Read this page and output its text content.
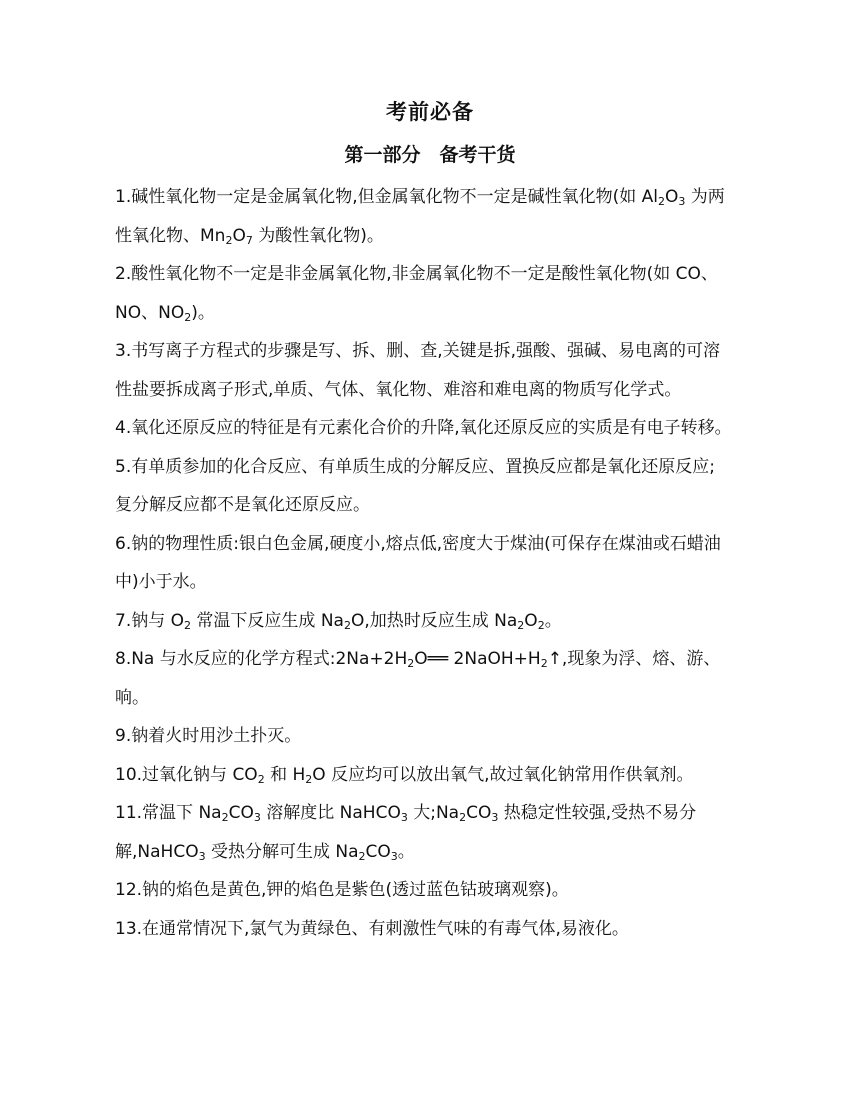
考前必备
第一部分　备考干货
1.碱性氧化物一定是金属氧化物,但金属氧化物不一定是碱性氧化物(如 $Al_2O_3$ 为两
性氧化物、$Mn_2O_7$ 为酸性氧化物)。
2.酸性氧化物不一定是非金属氧化物,非金属氧化物不一定是酸性氧化物(如 CO、
NO、$NO_2$)。
3.书写离子方程式的步骤是写、拆、删、查,关键是拆,强酸、强碱、易电离的可溶
性盐要拆成离子形式,单质、气体、氧化物、难溶和难电离的物质写化学式。
4.氧化还原反应的特征是有元素化合价的升降,氧化还原反应的实质是有电子转移。
5.有单质参加的化合反应、有单质生成的分解反应、置换反应都是氧化还原反应;
复分解反应都不是氧化还原反应。
6.钠的物理性质:银白色金属,硬度小,熔点低,密度大于煤油(可保存在煤油或石蜡油
中)小于水。
7.钠与 $O_2$ 常温下反应生成 $Na_2O$,加热时反应生成 $Na_2O_2$。
8.Na 与水反应的化学方程式$:2Na+2H_2O══$ $2NaOH+H_2↑$,现象为浮、熔、游、
响。
9.钠着火时用沙土扑灭。
10.过氧化钠与 $CO_2$ 和 $H_2O$ 反应均可以放出氧气,故过氧化钠常用作供氧剂。
11.常温下 $Na_2CO_3$ 溶解度比 NaHCO$_3$ 大$;Na_2CO_3$ 热稳定性较强,受热不易分
解,NaHCO$_3$ 受热分解可生成 $Na_2CO_3$。
12.钠的焰色是黄色,钾的焰色是紫色(透过蓝色钴玻璃观察)。
13.在通常情况下,氯气为黄绿色、有刺激性气味的有毒气体,易液化。
